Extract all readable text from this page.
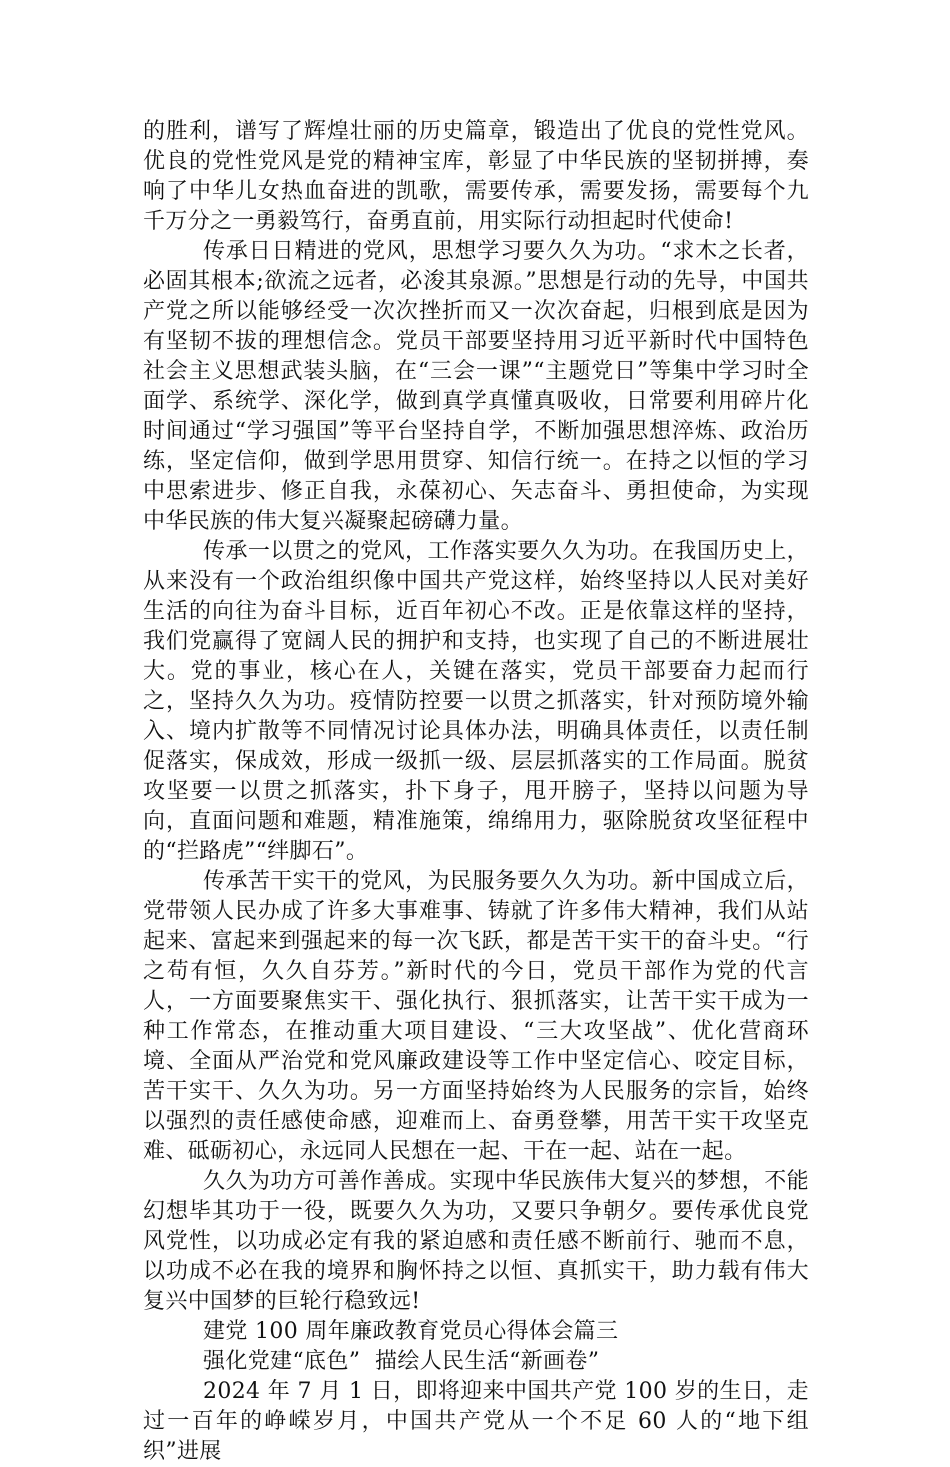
的胜利，谱写了辉煌壮丽的历史篇章，锻造出了优良的党性党风。优良的党性党风是党的精神宝库，彰显了中华民族的坚韧拼搏，奏响了中华儿女热血奋进的凯歌，需要传承，需要发扬，需要每个九千万分之一勇毅笃行，奋勇直前，用实际行动担起时代使命!

传承日日精进的党风，思想学习要久久为功。“求木之长者，必固其根本;欲流之远者，必浚其泉源。”思想是行动的先导，中国共产党之所以能够经受一次次挫折而又一次次奋起，归根到底是因为有坚韧不拔的理想信念。党员干部要坚持用习近平新时代中国特色社会主义思想武装头脑，在“三会一课”“主题党日”等集中学习时全面学、系统学、深化学，做到真学真懂真吸收，日常要利用碎片化时间通过“学习强国”等平台坚持自学，不断加强思想淬炼、政治历练，坚定信仰，做到学思用贯穿、知信行统一。在持之以恒的学习中思索进步、修正自我，永葆初心、矢志奋斗、勇担使命，为实现中华民族的伟大复兴凝聚起磅礴力量。

传承一以贯之的党风，工作落实要久久为功。在我国历史上，从来没有一个政治组织像中国共产党这样，始终坚持以人民对美好生活的向往为奋斗目标，近百年初心不改。正是依靠这样的坚持，我们党赢得了宽阔人民的拥护和支持，也实现了自己的不断进展壮大。党的事业，核心在人，关键在落实，党员干部要奋力起而行之，坚持久久为功。疫情防控要一以贯之抓落实，针对预防境外输入、境内扩散等不同情况讨论具体办法，明确具体责任，以责任制促落实，保成效，形成一级抓一级、层层抓落实的工作局面。脱贫攻坚要一以贯之抓落实，扑下身子，甩开膀子，坚持以问题为导向，直面问题和难题，精准施策，绵绵用力，驱除脱贫攻坚征程中的“拦路虎”“绊脚石”。

传承苦干实干的党风，为民服务要久久为功。新中国成立后，党带领人民办成了许多大事难事、铸就了许多伟大精神，我们从站起来、富起来到强起来的每一次飞跃，都是苦干实干的奋斗史。“行之苟有恒，久久自芬芳。”新时代的今日，党员干部作为党的代言人，一方面要聚焦实干、强化执行、狠抓落实，让苦干实干成为一种工作常态，在推动重大项目建设、“三大攻坚战”、优化营商环境、全面从严治党和党风廉政建设等工作中坚定信心、咬定目标，苦干实干、久久为功。另一方面坚持始终为人民服务的宗旨，始终以强烈的责任感使命感，迎难而上、奋勇登攀，用苦干实干攻坚克难、砥砺初心，永远同人民想在一起、干在一起、站在一起。

久久为功方可善作善成。实现中华民族伟大复兴的梦想，不能幻想毕其功于一役，既要久久为功，又要只争朝夕。要传承优良党风党性，以功成必定有我的紧迫感和责任感不断前行、驰而不息，以功成不必在我的境界和胸怀持之以恒、真抓实干，助力载有伟大复兴中国梦的巨轮行稳致远!

建党 100 周年廉政教育党员心得体会篇三

强化党建“底色”  描绘人民生活“新画卷”

2024 年 7 月 1 日，即将迎来中国共产党 100 岁的生日，走过一百年的峥嵘岁月，中国共产党从一个不足 60 人的“地下组织”进展
